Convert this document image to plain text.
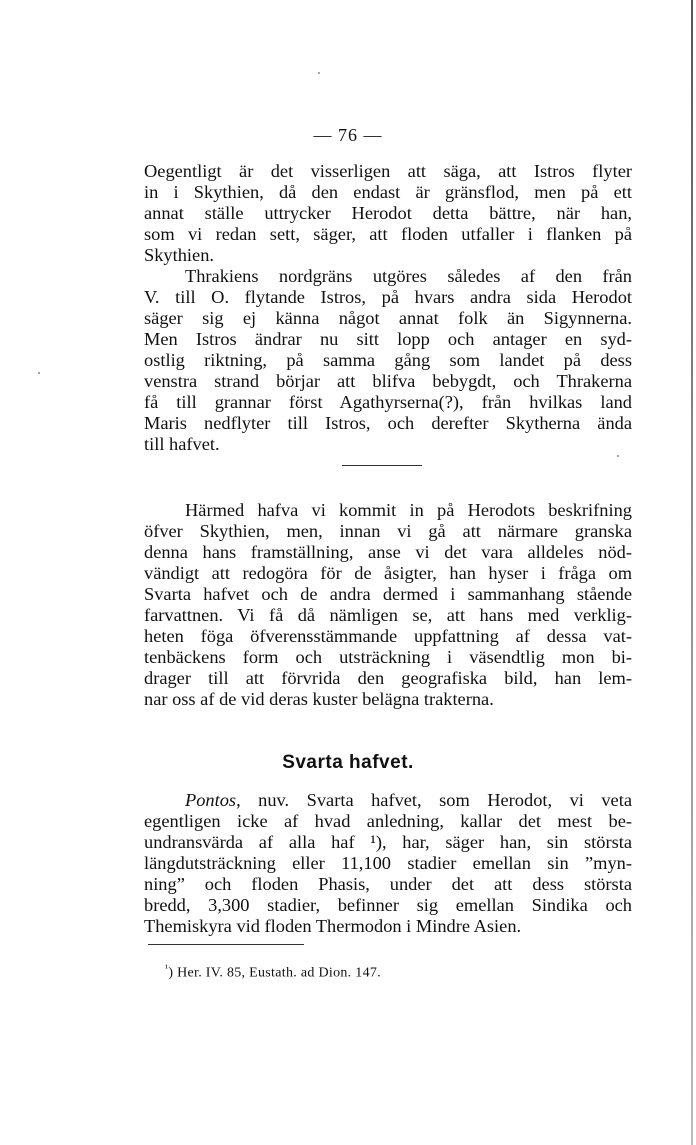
— 76 —
Oegentligt är det visserligen att säga, att Istros flyter
in i Skythien, då den endast är gränsflod, men på ett
annat ställe uttrycker Herodot detta bättre, när han,
som vi redan sett, säger, att floden utfaller i flanken på
Skythien.
Thrakiens nordgräns utgöres således af den från
V. till O. flytande Istros, på hvars andra sida Herodot
säger sig ej känna något annat folk än Sigynnerna.
Men Istros ändrar nu sitt lopp och antager en syd-
ostlig riktning, på samma gång som landet på dess
venstra strand börjar att blifva bebygdt, och Thrakerna
få till grannar först Agathyrserna(?), från hvilkas land
Maris nedflyter till Istros, och derefter Skytherna ända
till hafvet.
Härmed hafva vi kommit in på Herodots beskrifning
öfver Skythien, men, innan vi gå att närmare granska
denna hans framställning, anse vi det vara alldeles nöd-
vändigt att redogöra för de åsigter, han hyser i fråga om
Svarta hafvet och de andra dermed i sammanhang stående
farvattnen. Vi få då nämligen se, att hans med verklig-
heten föga öfverensstämmande uppfattning af dessa vat-
tenbäckens form och utsträckning i väsendtlig mon bi-
drager till att förvrida den geografiska bild, han lem-
nar oss af de vid deras kuster belägna trakterna.
Svarta hafvet.
Pontos, nuv. Svarta hafvet, som Herodot, vi veta
egentligen icke af hvad anledning, kallar det mest be-
undransvärda af alla haf ¹), har, säger han, sin största
längdutsträckning eller 11,100 stadier emellan sin ”myn-
ning” och floden Phasis, under det att dess största
bredd, 3,300 stadier, befinner sig emellan Sindika och
Themiskyra vid floden Thermodon i Mindre Asien.
$^{^1}$) Her. IV. 85, Eustath. ad Dion. 147.
